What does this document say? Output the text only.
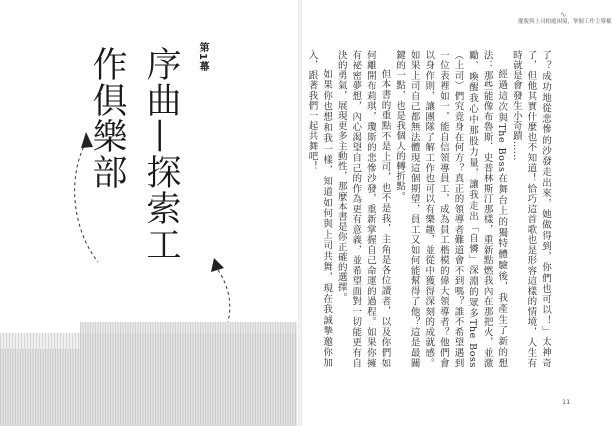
第1幕
序曲—探索工作俱樂部
∿
擺脫與上司相處困境，掌握工作主導權

了？成功地從悲慘的沙發走出來，她做得到，你們也可以！」太神奇了，但他其實什麼也不知道！恰巧這首歌也是形容這樣的情境，人生有時就是會發生小奇蹟……

經過這次與The Boss在舞台上的獨特體驗後，我產生了新的想法：那些能像布魯斯．史普林斯汀那樣，重新點燃我內在那把火，並激勵、喚醒我心中那股力量，讓我走出「自憐」深淵的眾多The Boss（上司）們究竟身在何方？真正的領導者難道會不到嗎？誰不希望遇到一位表裡如一，能自信領導員工，成為員工楷模的偉大領導者？他們會以身作則，讓團隊了解工作也可以有樂趣，並從中獲得深刻的成就感。如果上司自己都無法體現這個期望，員工又如何能幫得了他？這是最關鍵的一點，也是我個人的轉折點。

但本書的重點不是上司，也不是我，主角是各位讀者，以及你們如何離開布莉琪，瓊斯的悲慘沙發，重新掌握自己命運的過程。如果你擁有祕密夢想，內心渴望自己的作為更有意義，並希望面對一切能更有自決的勇氣，展現更多主動性，那麼本書是你正確的選擇。

如果你也想和我一樣，知道如何與上司共舞，現在我誠摯邀你加入，跟著我們一起共舞吧！

11
